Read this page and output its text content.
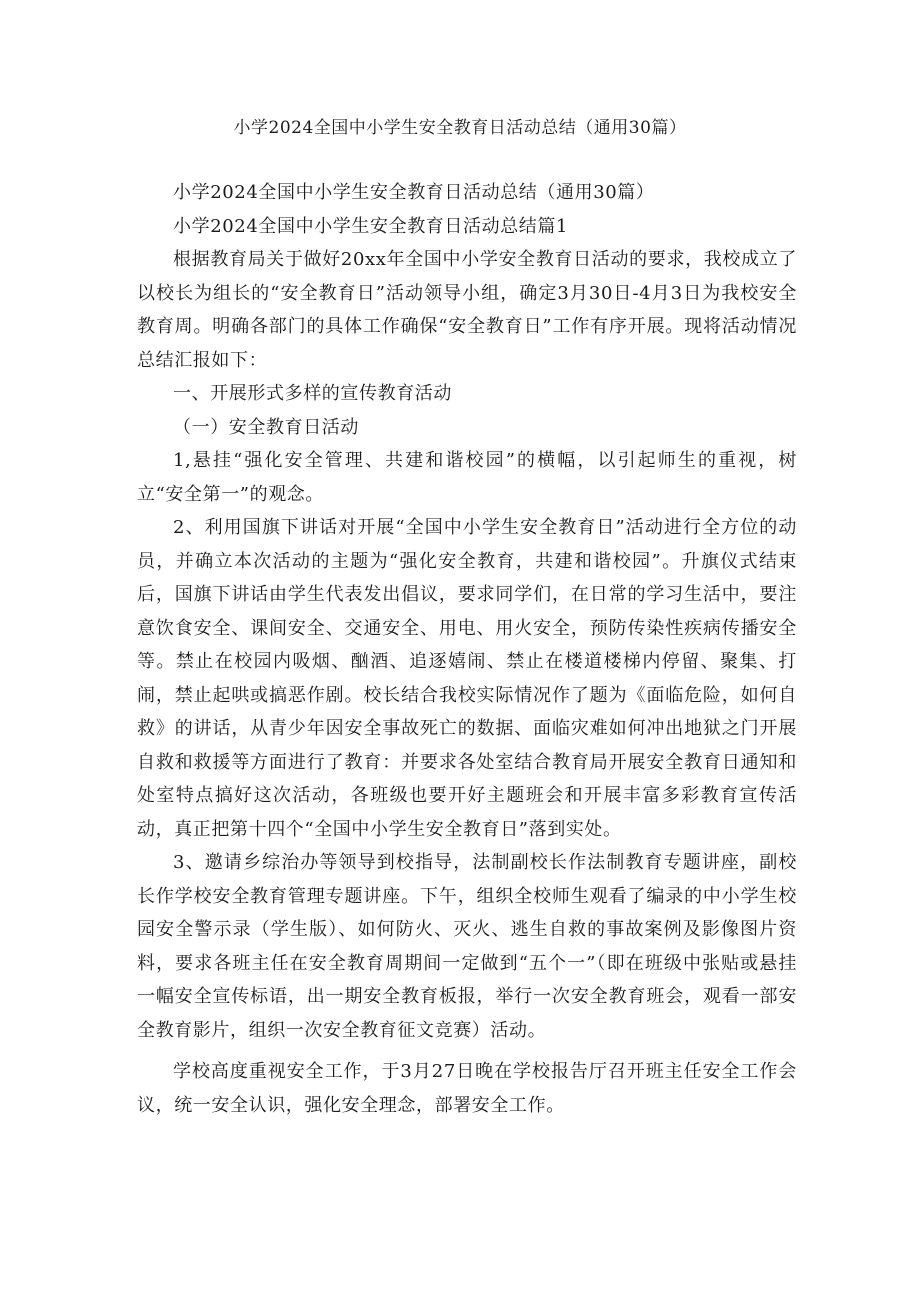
小学2024全国中小学生安全教育日活动总结（通用30篇）

小学2024全国中小学生安全教育日活动总结（通用30篇）

小学2024全国中小学生安全教育日活动总结篇1

根据教育局关于做好20xx年全国中小学安全教育日活动的要求，我校成立了以校长为组长的“安全教育日”活动领导小组，确定3月30日-4月3日为我校安全教育周。明确各部门的具体工作确保“安全教育日”工作有序开展。现将活动情况总结汇报如下：

一、开展形式多样的宣传教育活动

（一）安全教育日活动

1,悬挂“强化安全管理、共建和谐校园”的横幅，以引起师生的重视，树立“安全第一”的观念。

2、利用国旗下讲话对开展“全国中小学生安全教育日”活动进行全方位的动员，并确立本次活动的主题为“强化安全教育，共建和谐校园”。升旗仪式结束后，国旗下讲话由学生代表发出倡议，要求同学们，在日常的学习生活中，要注意饮食安全、课间安全、交通安全、用电、用火安全，预防传染性疾病传播安全等。禁止在校园内吸烟、酗酒、追逐嬉闹、禁止在楼道楼梯内停留、聚集、打闹，禁止起哄或搞恶作剧。校长结合我校实际情况作了题为《面临危险，如何自救》的讲话，从青少年因安全事故死亡的数据、面临灾难如何冲出地狱之门开展自救和救援等方面进行了教育：并要求各处室结合教育局开展安全教育日通知和处室特点搞好这次活动，各班级也要开好主题班会和开展丰富多彩教育宣传活动，真正把第十四个“全国中小学生安全教育日”落到实处。

3、邀请乡综治办等领导到校指导，法制副校长作法制教育专题讲座，副校长作学校安全教育管理专题讲座。下午，组织全校师生观看了编录的中小学生校园安全警示录（学生版）、如何防火、灭火、逃生自救的事故案例及影像图片资料，要求各班主任在安全教育周期间一定做到“五个一”（即在班级中张贴或悬挂一幅安全宣传标语，出一期安全教育板报，举行一次安全教育班会，观看一部安全教育影片，组织一次安全教育征文竞赛）活动。

学校高度重视安全工作，于3月27日晚在学校报告厅召开班主任安全工作会议，统一安全认识，强化安全理念，部署安全工作。
